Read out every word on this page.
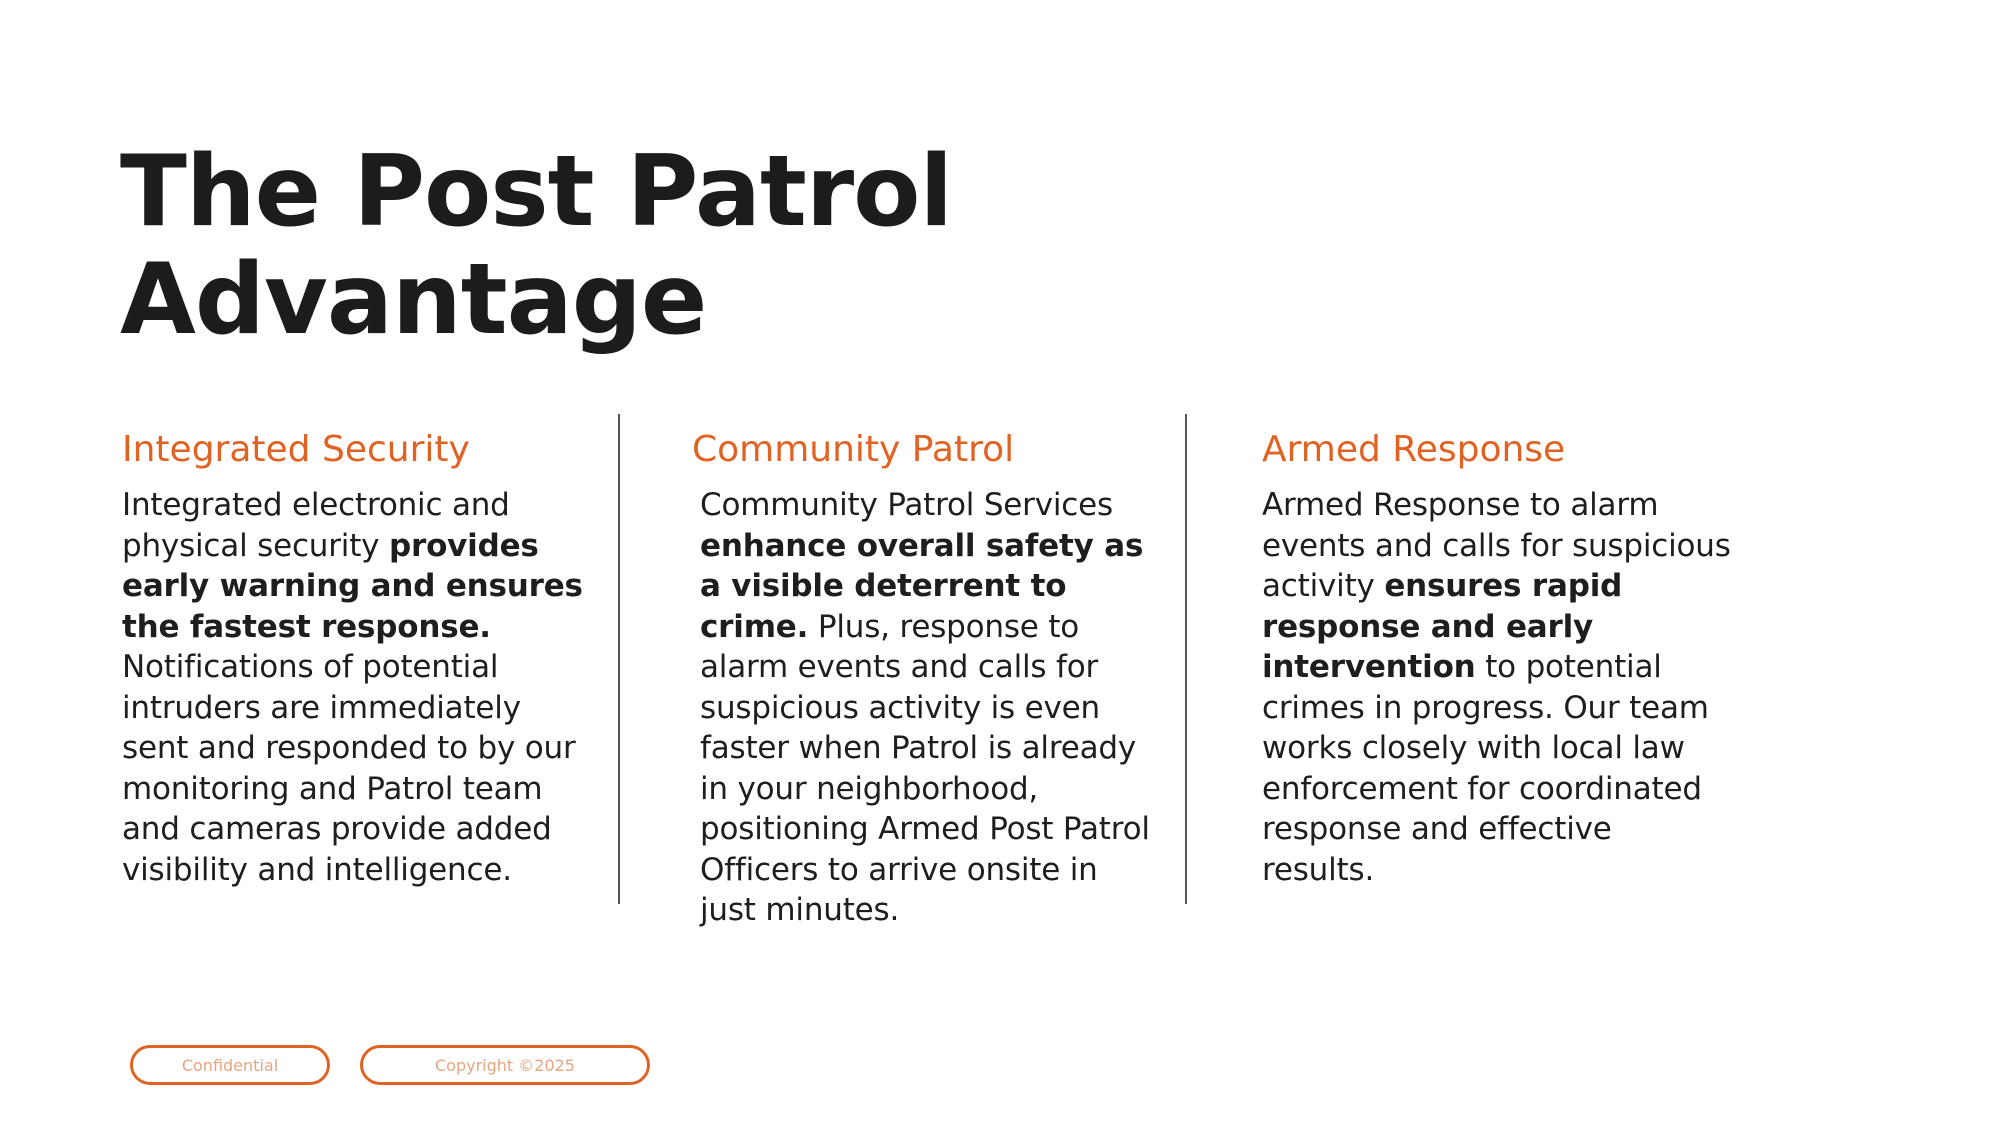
The Post Patrol
Advantage
Integrated Security

Integrated electronic and physical security provides early warning and ensures the fastest response. Notifications of potential intruders are immediately sent and responded to by our monitoring and Patrol team and cameras provide added visibility and intelligence.

Community Patrol

Community Patrol Services enhance overall safety as a visible deterrent to crime. Plus, response to alarm events and calls for suspicious activity is even faster when Patrol is already in your neighborhood, positioning Armed Post Patrol Officers to arrive onsite in just minutes.

Armed Response

Armed Response to alarm events and calls for suspicious activity ensures rapid response and early intervention to potential crimes in progress. Our team works closely with local law enforcement for coordinated response and effective results.

Confidential	Copyright ©2025
